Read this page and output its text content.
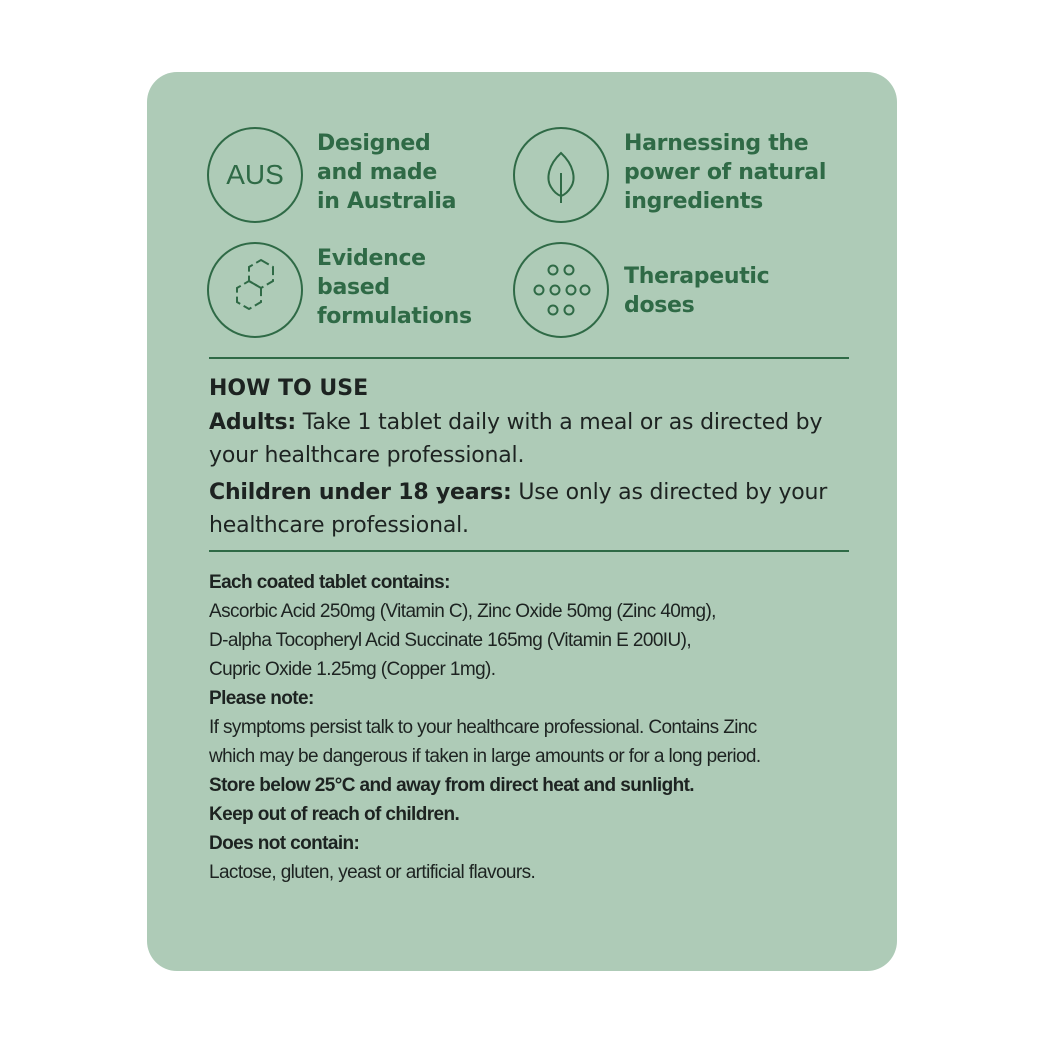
AUS
Designed
and made
in Australia
Harnessing the
power of natural
ingredients
Evidence
based
formulations
Therapeutic
doses
HOW TO USE

Adults: Take 1 tablet daily with a meal or as directed by your healthcare professional.

Children under 18 years: Use only as directed by your healthcare professional.

Each coated tablet contains:
Ascorbic Acid 250mg (Vitamin C), Zinc Oxide 50mg (Zinc 40mg),
D-alpha Tocopheryl Acid Succinate 165mg (Vitamin E 200IU),
Cupric Oxide 1.25mg (Copper 1mg).
Please note:
If symptoms persist talk to your healthcare professional. Contains Zinc
which may be dangerous if taken in large amounts or for a long period.
Store below 25°C and away from direct heat and sunlight.
Keep out of reach of children.
Does not contain:
Lactose, gluten, yeast or artificial flavours.
